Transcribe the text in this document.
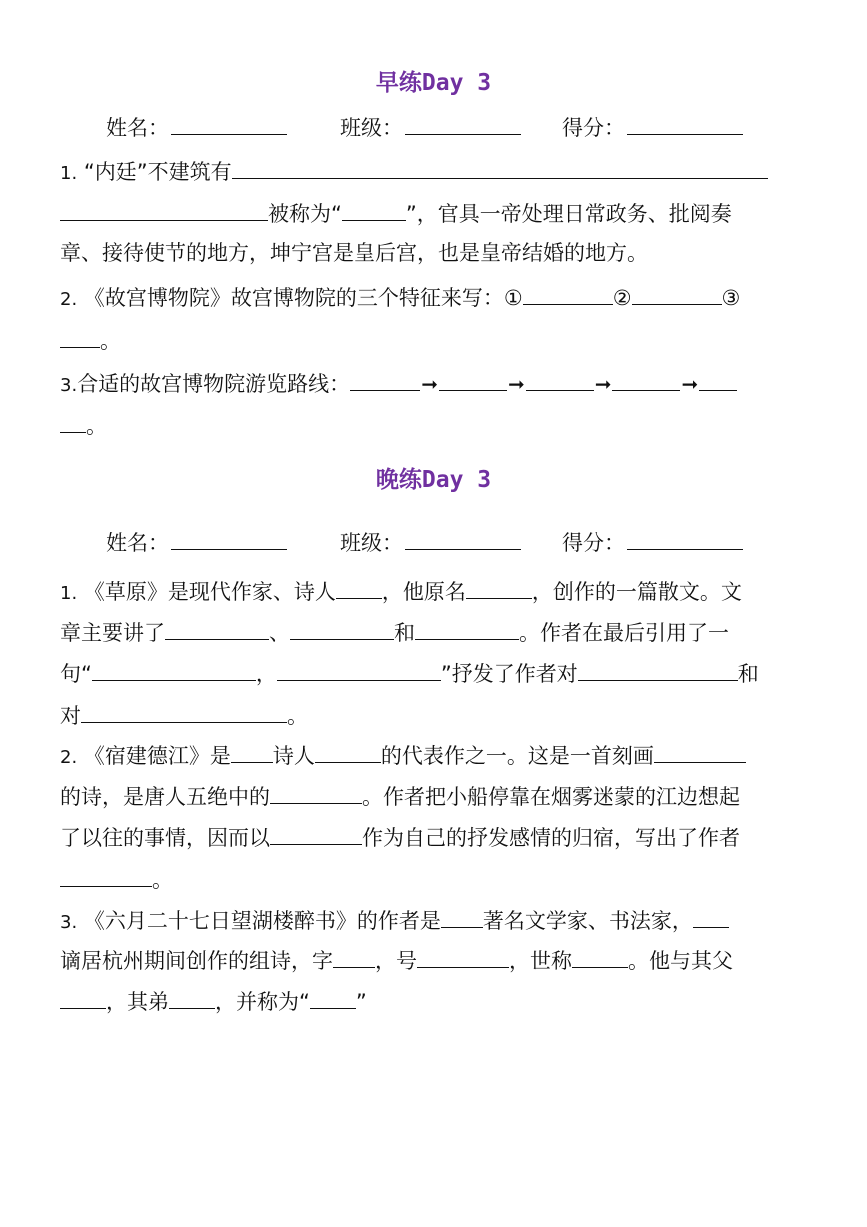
早练Day 3
姓名：	班级：	得分：
1. “内廷”不建筑有
被称为“	”，官具一帝处理日常政务、批阅奏
章、接待使节的地方，坤宁宫是皇后宫，也是皇帝结婚的地方。
2. 《故宫博物院》故宫博物院的三个特征来写：①	②	③
。
3.合适的故宫博物院游览路线：	➞	➞	➞	➞
。
晚练Day 3
姓名：	班级：	得分：
1. 《草原》是现代作家、诗人 ，他原名	，创作的一篇散文。文
章主要讲了	、	和	。作者在最后引用了一
句“	，	”抒发了作者对	和
对	。
2. 《宿建德江》是 诗人	的代表作之一。这是一首刻画
的诗，是唐人五绝中的	。作者把小船停靠在烟雾迷蒙的江边想起
了以往的事情，因而以	作为自己的抒发感情的归宿，写出了作者
。
3. 《六月二十七日望湖楼醉书》的作者是 著名文学家、书法家，
谪居杭州期间创作的组诗，字 ，号	，世称	。他与其父
，其弟 ，并称为“ ”
